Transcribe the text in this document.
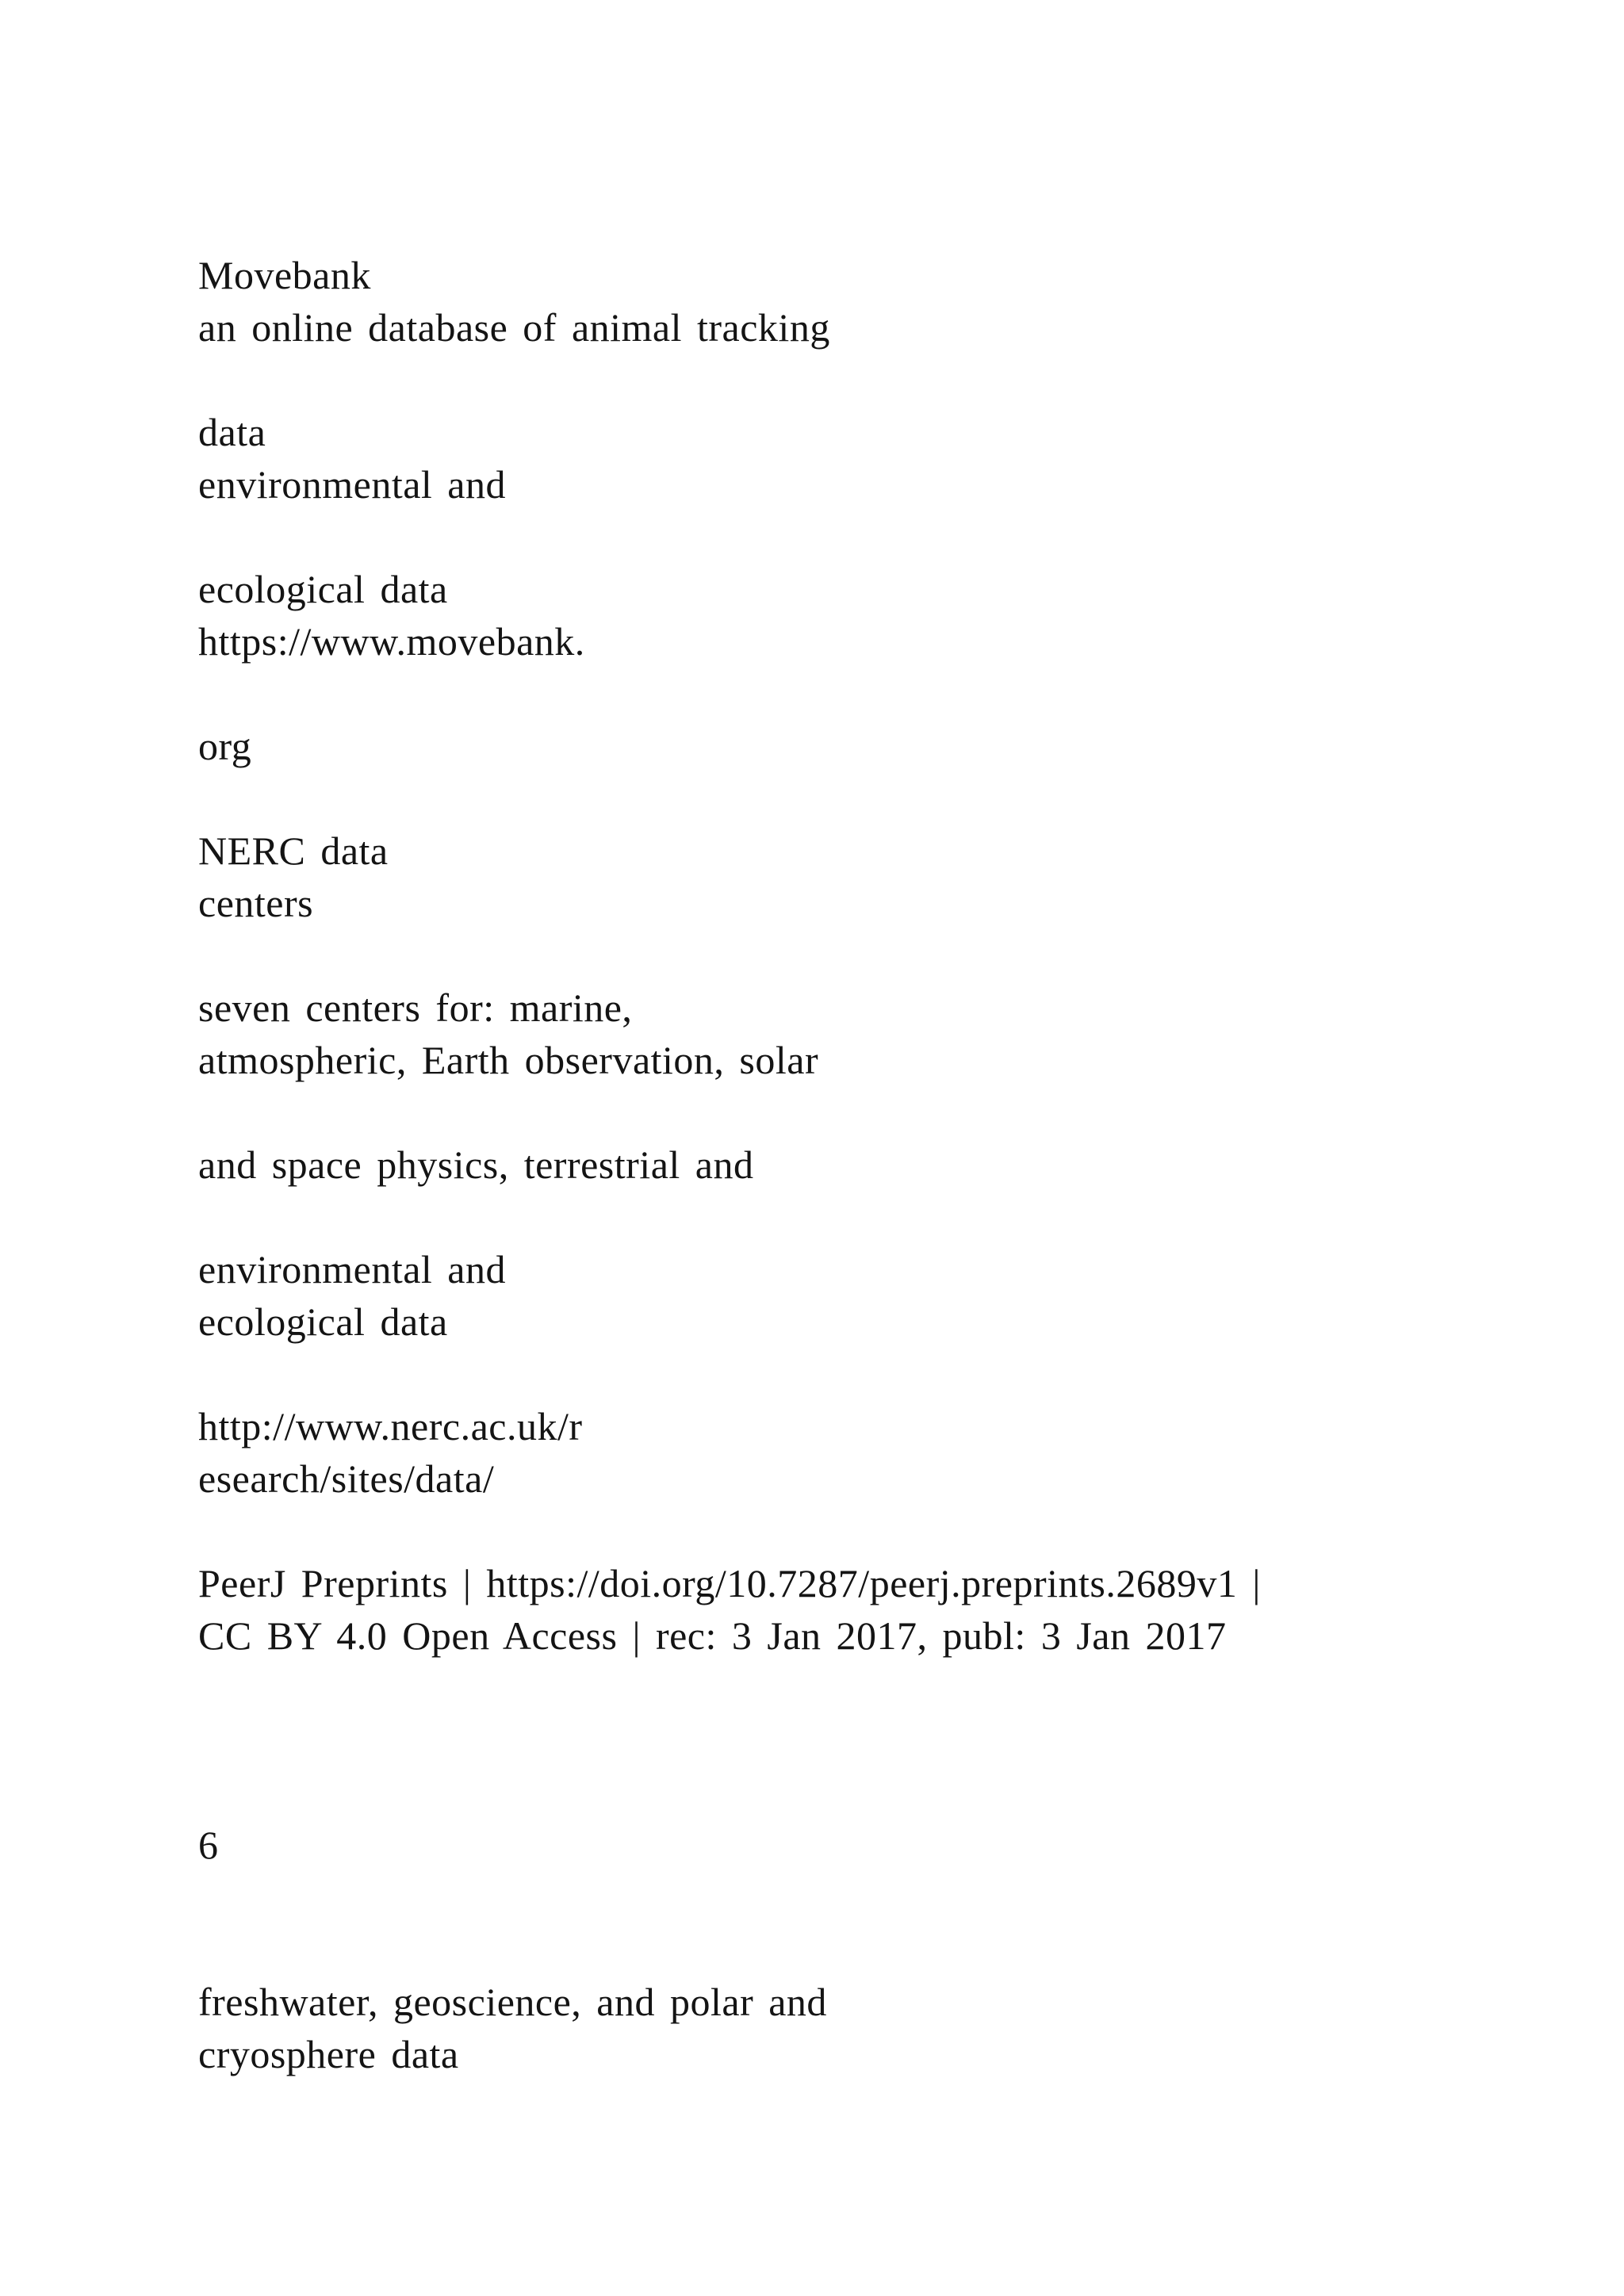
Movebank

an online database of animal tracking

data

environmental and

ecological data

https://www.movebank.

org

NERC data

centers

seven centers for: marine,

atmospheric, Earth observation, solar

and space physics, terrestrial and

environmental and

ecological data

http://www.nerc.ac.uk/r

esearch/sites/data/

PeerJ Preprints | https://doi.org/10.7287/peerj.preprints.2689v1 |

CC BY 4.0 Open Access | rec: 3 Jan 2017, publ: 3 Jan 2017

6

freshwater, geoscience, and polar and

cryosphere data
